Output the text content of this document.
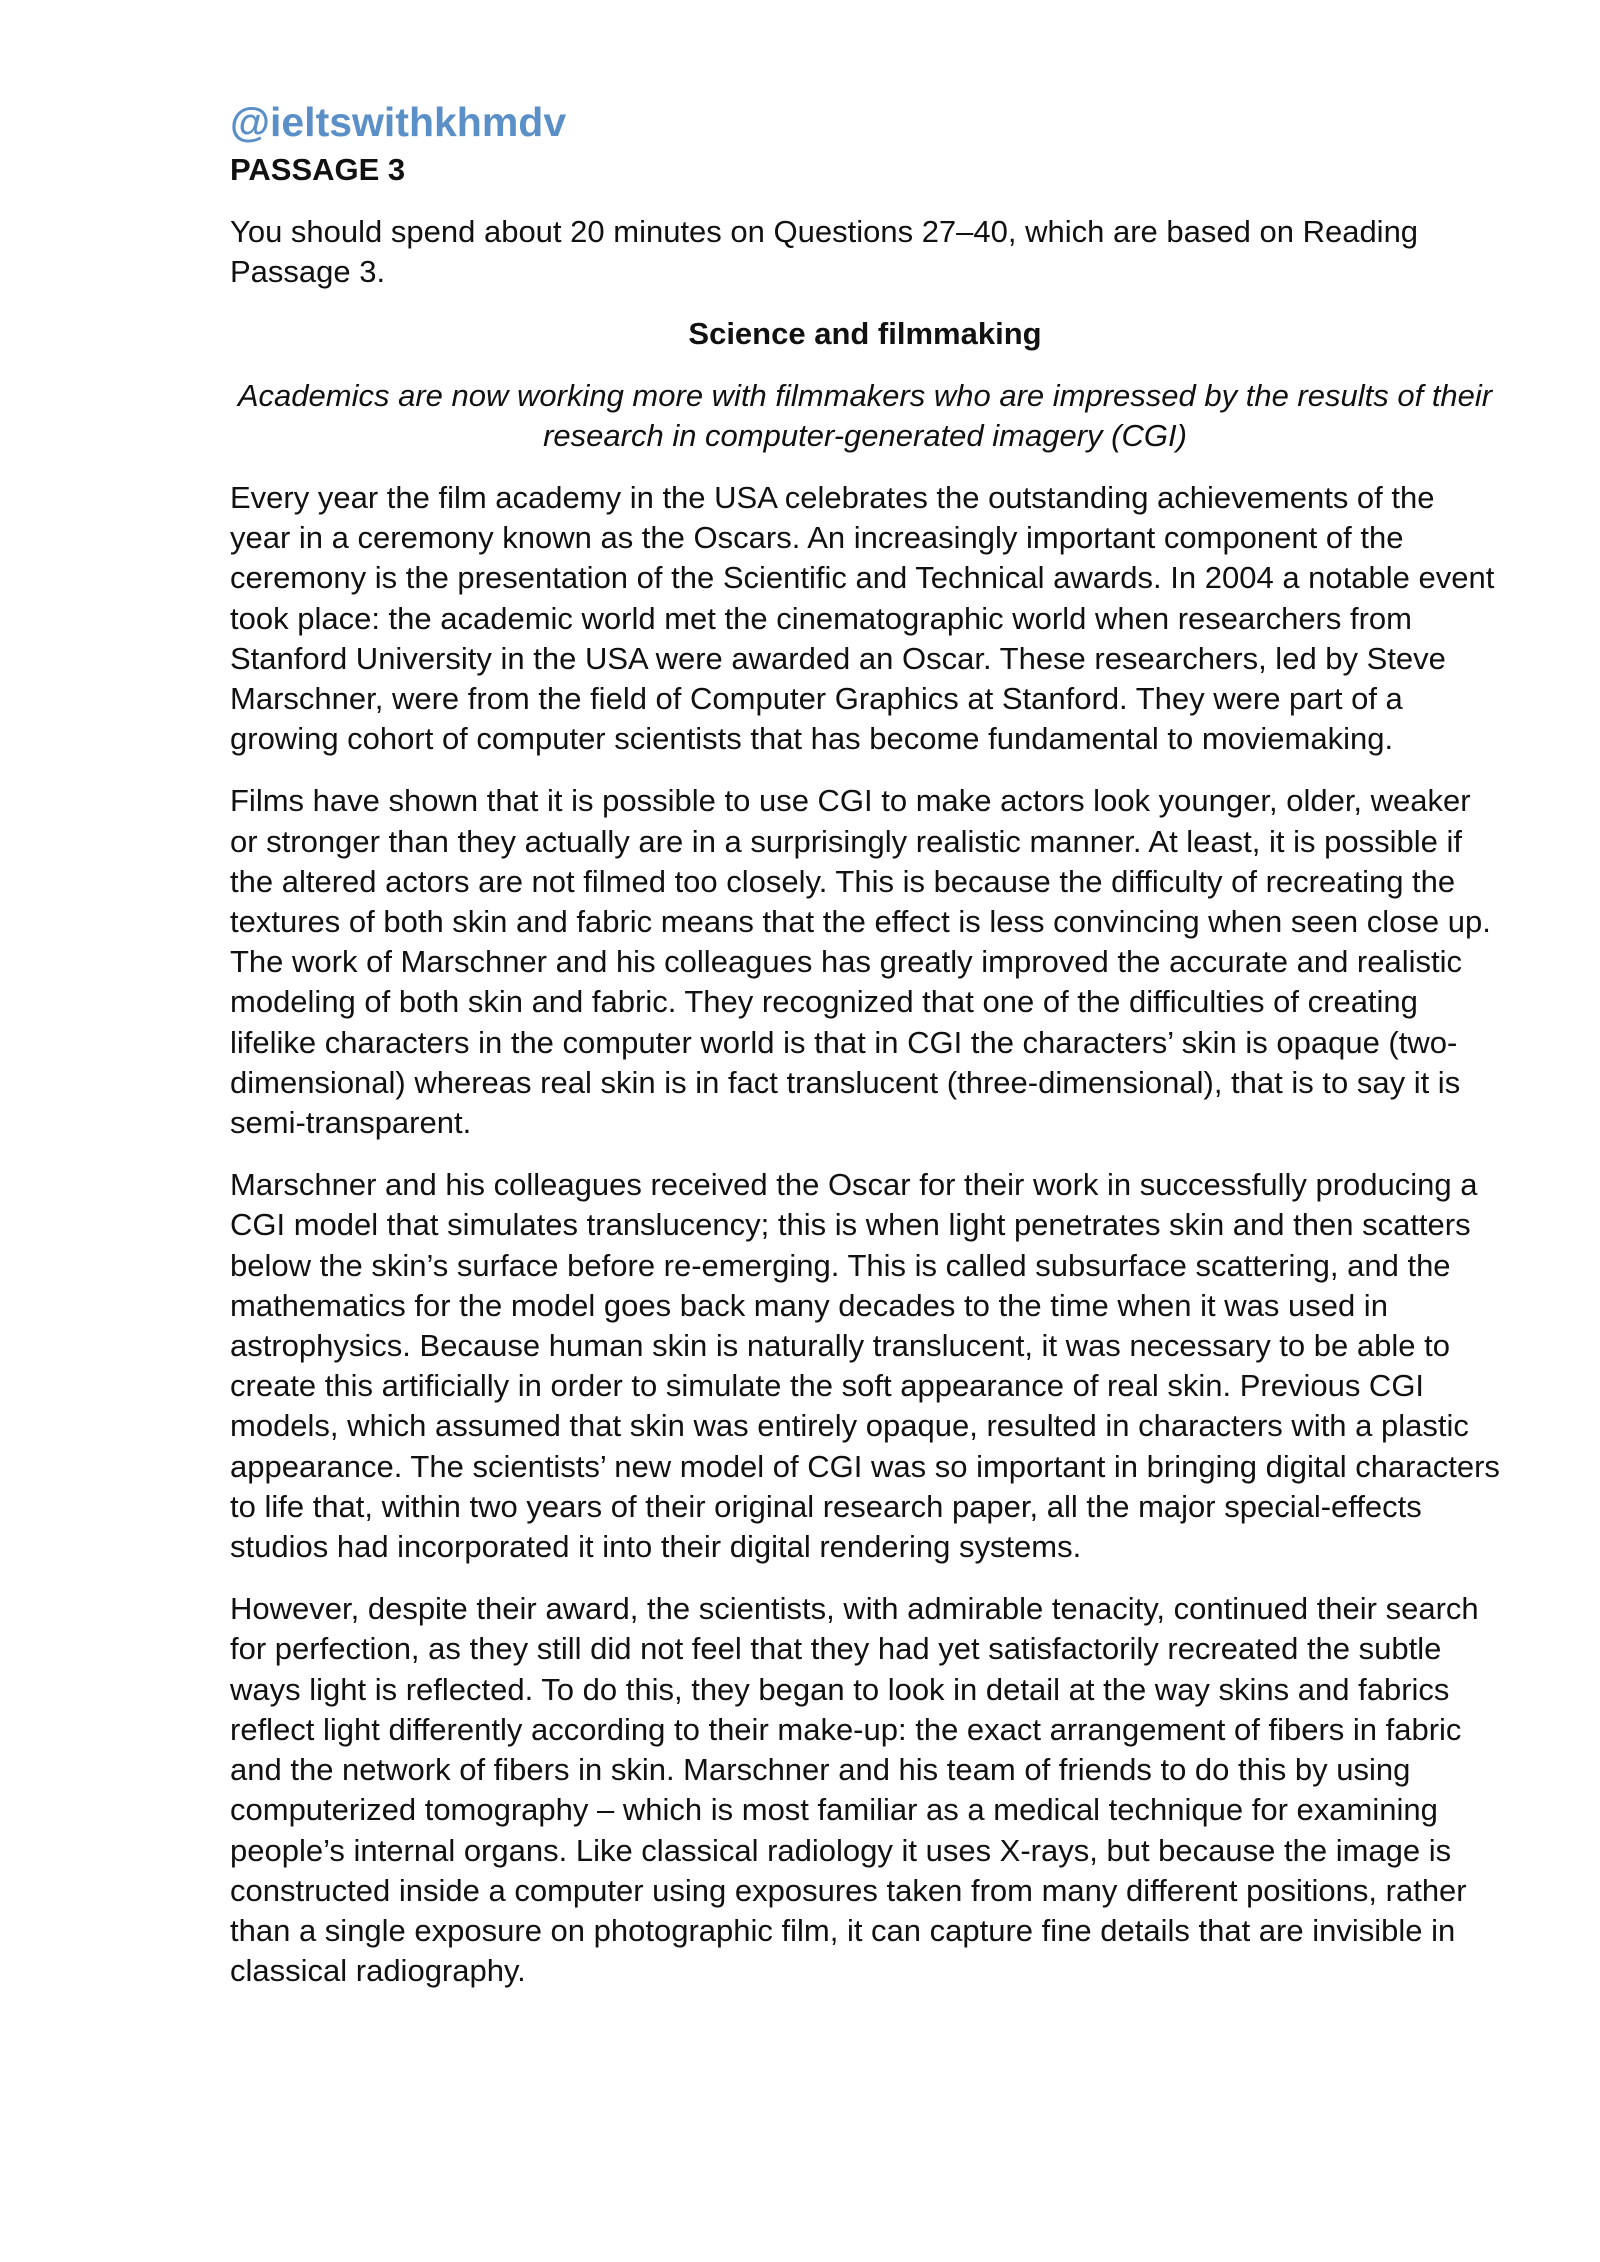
@ieltswithkhmdv
PASSAGE 3

You should spend about 20 minutes on Questions 27–40, which are based on Reading Passage 3.

Science and filmmaking
Academics are now working more with filmmakers who are impressed by the results of their research in computer-generated imagery (CGI)

Every year the film academy in the USA celebrates the outstanding achievements of the year in a ceremony known as the Oscars. An increasingly important component of the ceremony is the presentation of the Scientific and Technical awards. In 2004 a notable event took place: the academic world met the cinematographic world when researchers from Stanford University in the USA were awarded an Oscar. These researchers, led by Steve Marschner, were from the field of Computer Graphics at Stanford. They were part of a growing cohort of computer scientists that has become fundamental to moviemaking.

Films have shown that it is possible to use CGI to make actors look younger, older, weaker or stronger than they actually are in a surprisingly realistic manner. At least, it is possible if the altered actors are not filmed too closely. This is because the difficulty of recreating the textures of both skin and fabric means that the effect is less convincing when seen close up. The work of Marschner and his colleagues has greatly improved the accurate and realistic modeling of both skin and fabric. They recognized that one of the difficulties of creating lifelike characters in the computer world is that in CGI the characters’ skin is opaque (two-dimensional) whereas real skin is in fact translucent (three-dimensional), that is to say it is semi-transparent.

Marschner and his colleagues received the Oscar for their work in successfully producing a CGI model that simulates translucency; this is when light penetrates skin and then scatters below the skin’s surface before re-emerging. This is called subsurface scattering, and the mathematics for the model goes back many decades to the time when it was used in astrophysics. Because human skin is naturally translucent, it was necessary to be able to create this artificially in order to simulate the soft appearance of real skin. Previous CGI models, which assumed that skin was entirely opaque, resulted in characters with a plastic appearance. The scientists’ new model of CGI was so important in bringing digital characters to life that, within two years of their original research paper, all the major special-effects studios had incorporated it into their digital rendering systems.

However, despite their award, the scientists, with admirable tenacity, continued their search for perfection, as they still did not feel that they had yet satisfactorily recreated the subtle ways light is reflected. To do this, they began to look in detail at the way skins and fabrics reflect light differently according to their make-up: the exact arrangement of fibers in fabric and the network of fibers in skin. Marschner and his team of friends to do this by using computerized tomography – which is most familiar as a medical technique for examining people’s internal organs. Like classical radiology it uses X-rays, but because the image is constructed inside a computer using exposures taken from many different positions, rather than a single exposure on photographic film, it can capture fine details that are invisible in classical radiography.
